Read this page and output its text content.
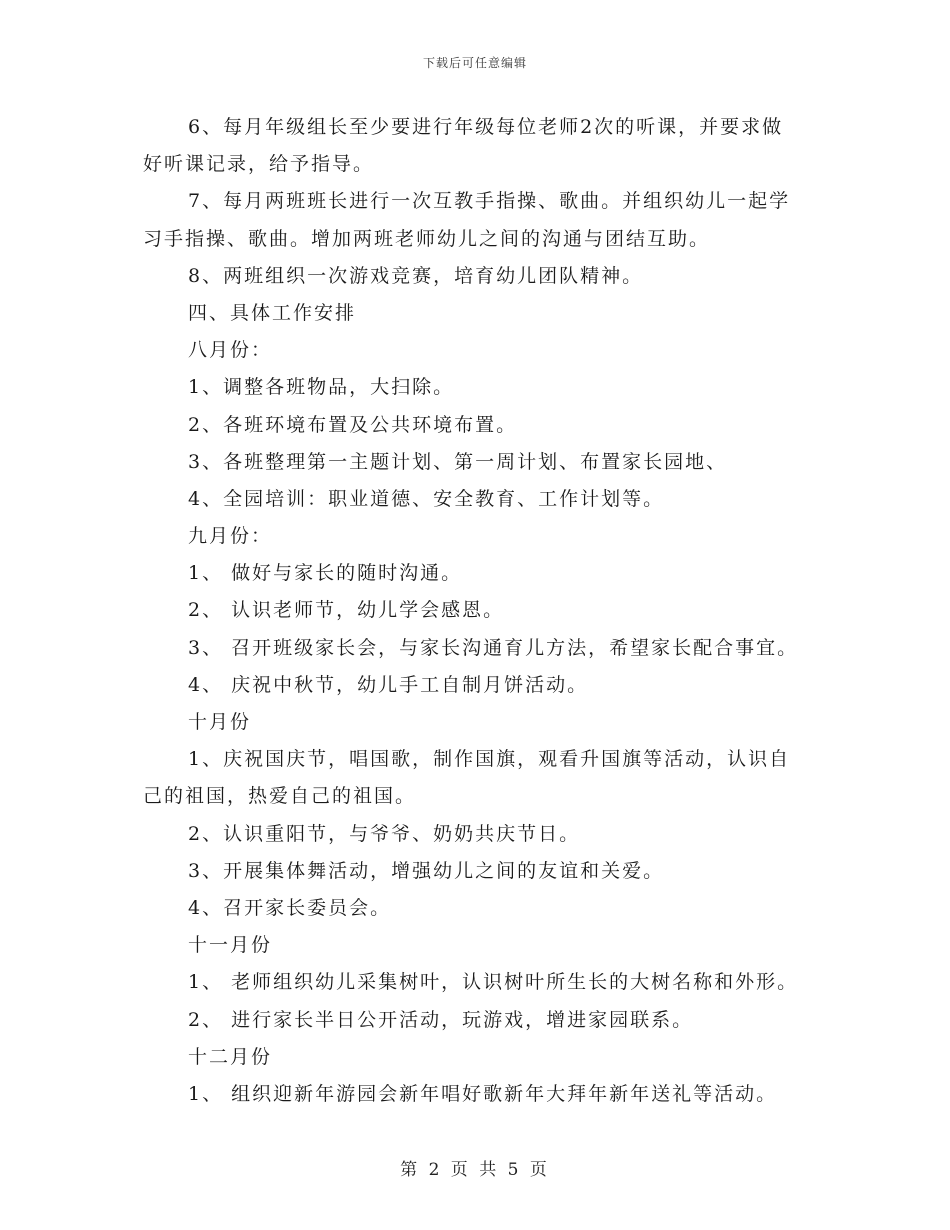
下载后可任意编辑
6、每月年级组长至少要进行年级每位老师2次的听课，并要求做
好听课记录，给予指导。
7、每月两班班长进行一次互教手指操、歌曲。并组织幼儿一起学
习手指操、歌曲。增加两班老师幼儿之间的沟通与团结互助。
8、两班组织一次游戏竞赛，培育幼儿团队精神。
四、具体工作安排
八月份：
1、调整各班物品，大扫除。
2、各班环境布置及公共环境布置。
3、各班整理第一主题计划、第一周计划、布置家长园地、
4、全园培训：职业道德、安全教育、工作计划等。
九月份：
1、 做好与家长的随时沟通。
2、 认识老师节，幼儿学会感恩。
3、 召开班级家长会，与家长沟通育儿方法，希望家长配合事宜。
4、 庆祝中秋节，幼儿手工自制月饼活动。
十月份
1、庆祝国庆节，唱国歌，制作国旗，观看升国旗等活动，认识自
己的祖国，热爱自己的祖国。
2、认识重阳节，与爷爷、奶奶共庆节日。
3、开展集体舞活动，增强幼儿之间的友谊和关爱。
4、召开家长委员会。
十一月份
1、 老师组织幼儿采集树叶，认识树叶所生长的大树名称和外形。
2、 进行家长半日公开活动，玩游戏，增进家园联系。
十二月份
1、 组织迎新年游园会新年唱好歌新年大拜年新年送礼等活动。
第 2 页 共 5 页
